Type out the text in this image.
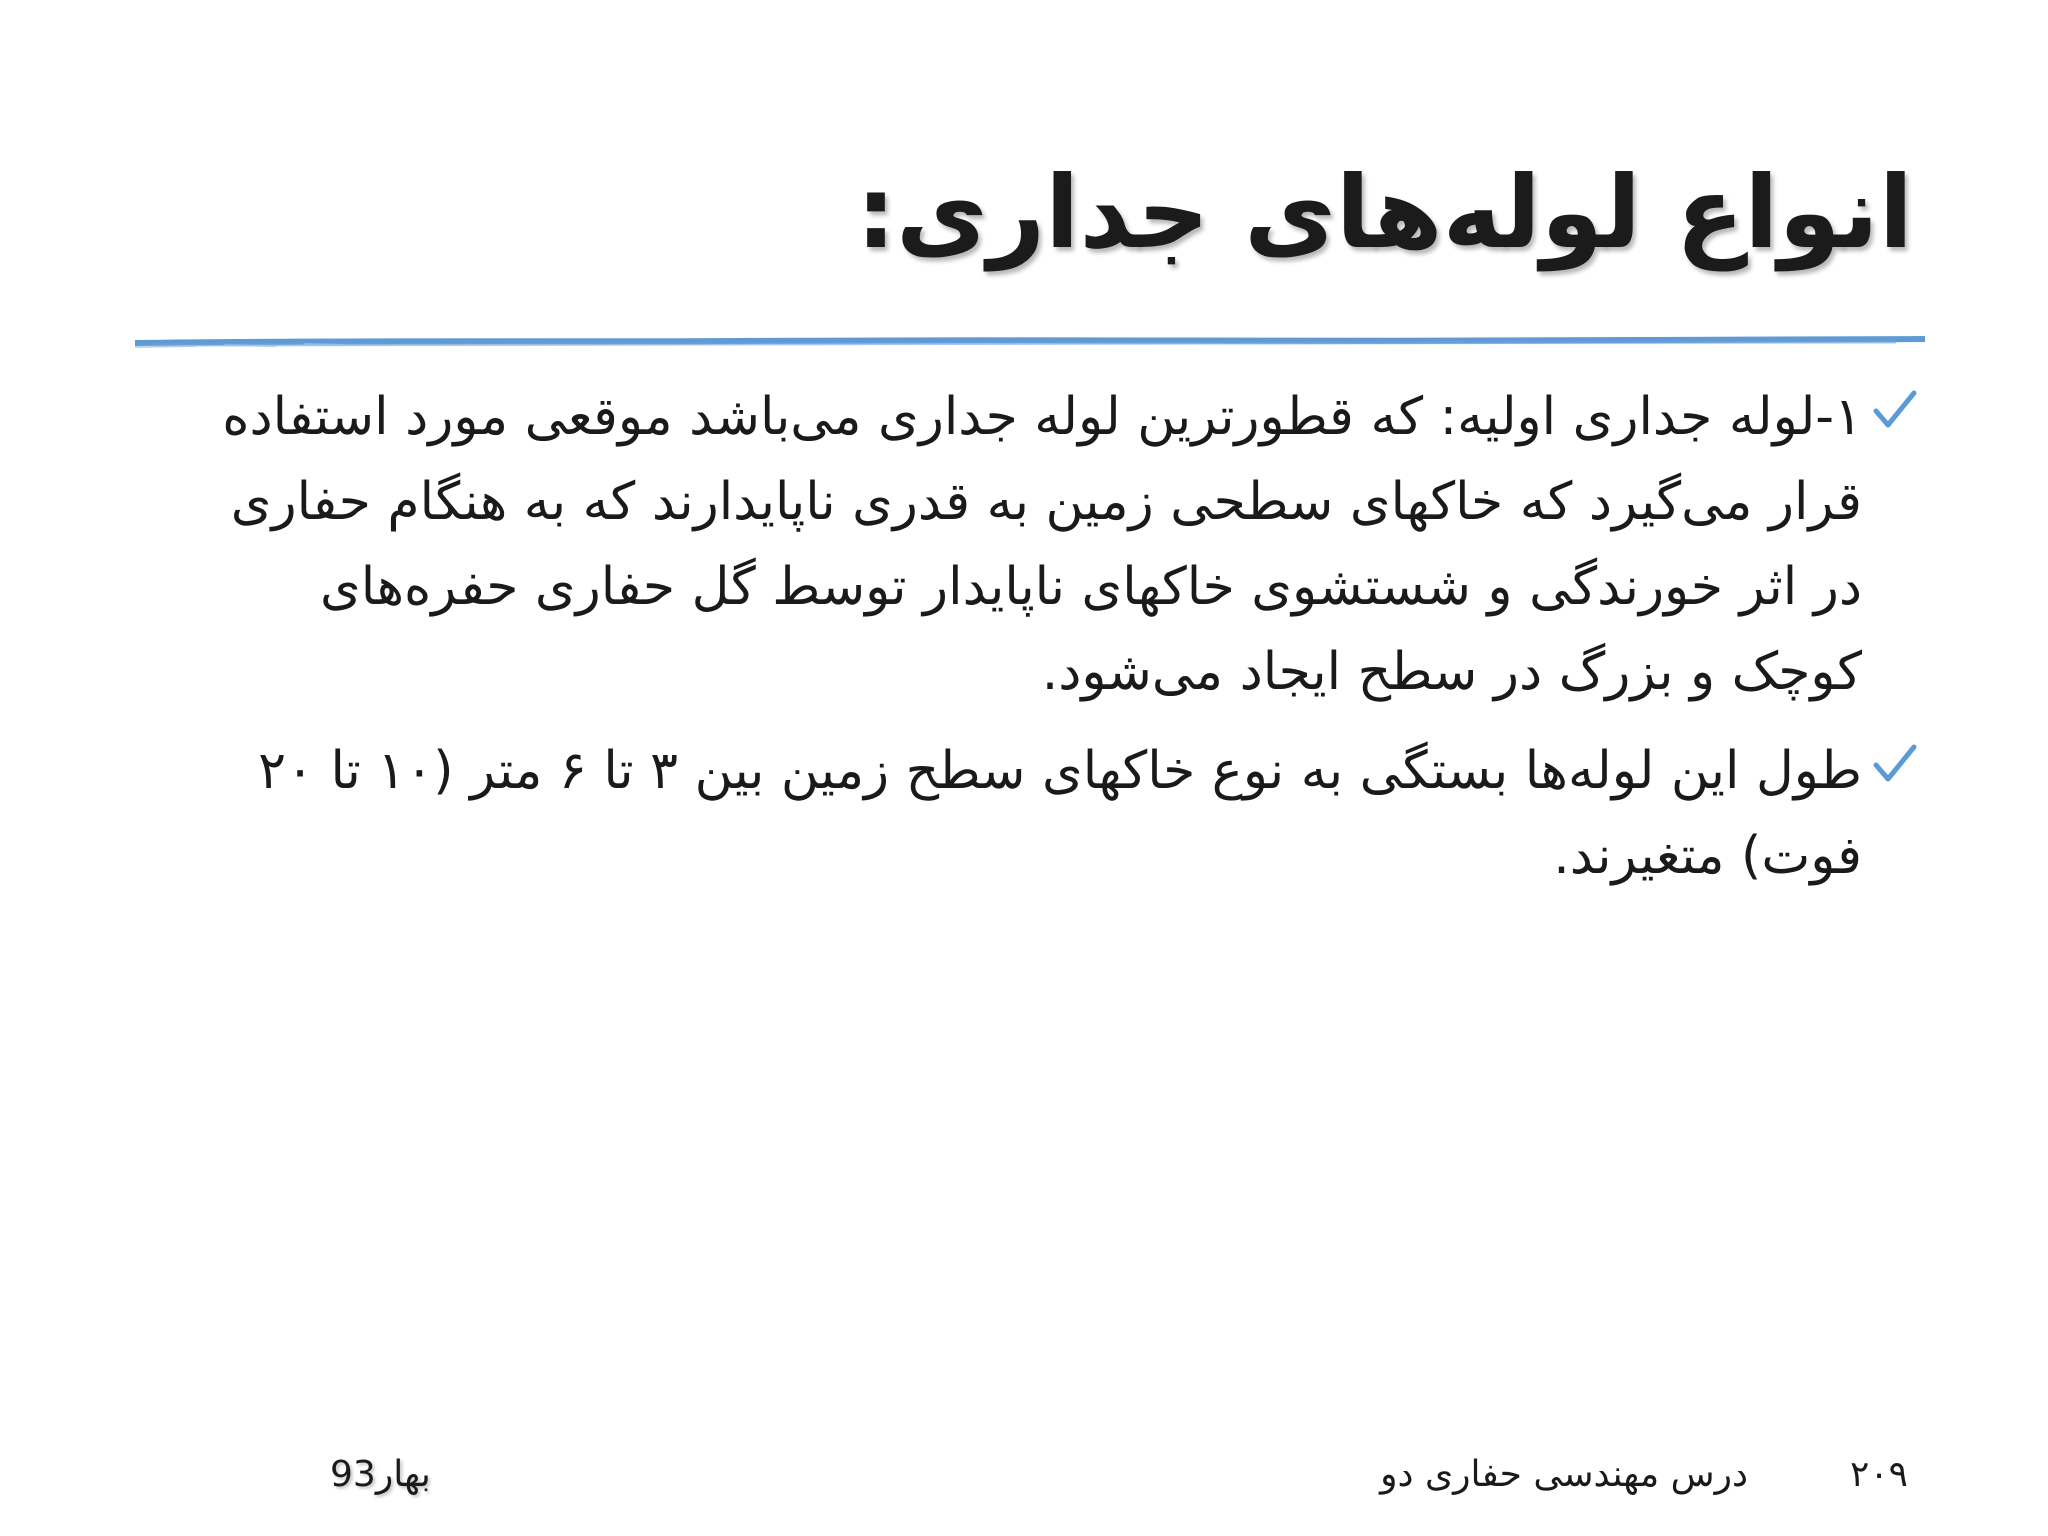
انواع لوله‌های جداری:
۱-لوله جداری اولیه: که قطورترین لوله جداری می‌باشد موقعی مورد استفاده قرار می‌گیرد که خاکهای سطحی زمین به قدری ناپایدارند که به هنگام حفاری در اثر خورندگی و شستشوی خاکهای ناپایدار توسط گل حفاری حفره‌های کوچک و بزرگ در سطح ایجاد می‌شود.
طول این لوله‌ها بستگی به نوع خاکهای سطح زمین بین ۳ تا ۶ متر (۱۰ تا ۲۰ فوت) متغیرند.
۲۰۹
درس مهندسی حفاری دو
بهار93
